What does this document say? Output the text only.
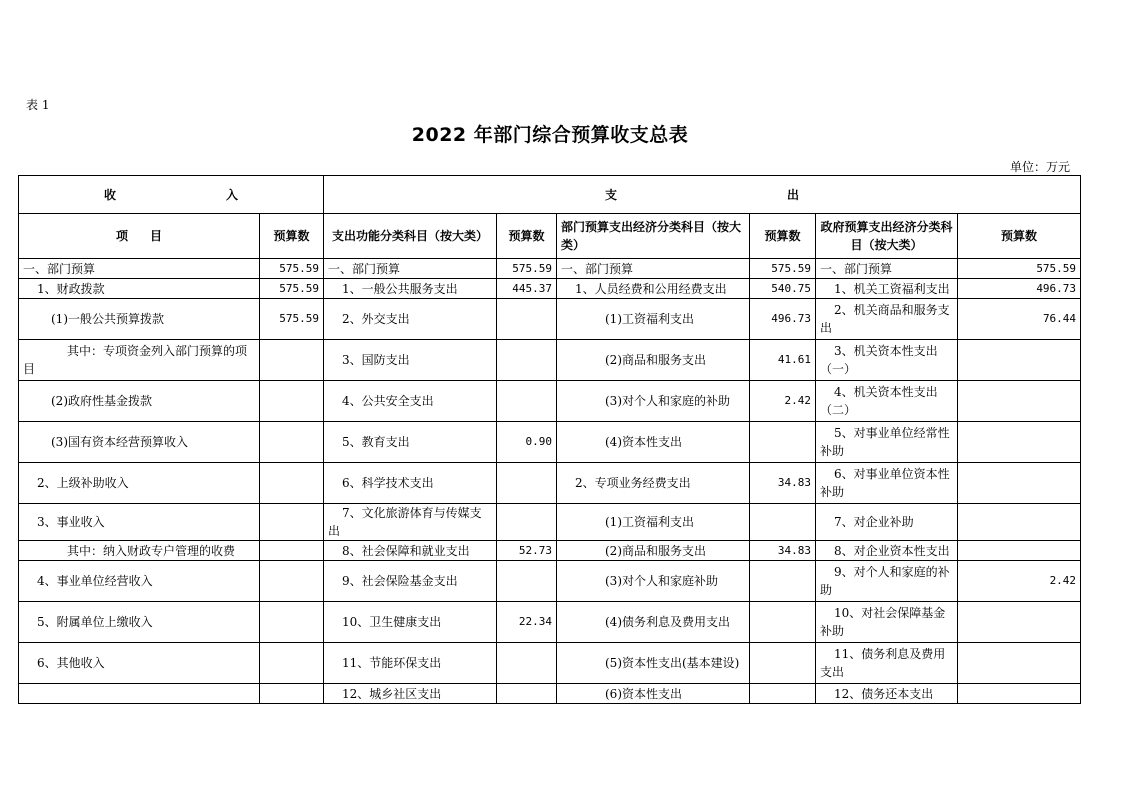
表 1
2022 年部门综合预算收支总表
单位：万元
收 入		支 出					
项 目	预算数	支出功能分类科目（按大类）	预算数	部门预算支出经济分类科目（按大类）	预算数	政府预算支出经济分类科目（按大类）	预算数
一、部门预算	575.59	一、部门预算	575.59	一、部门预算	575.59	一、部门预算	575.59
1、财政拨款	575.59	1、一般公共服务支出	445.37	1、人员经费和公用经费支出	540.75	1、机关工资福利支出	496.73
(1)一般公共预算拨款	575.59	2、外交支出		(1)工资福利支出	496.73	2、机关商品和服务支出	76.44
其中：专项资金列入部门预算的项目		3、国防支出		(2)商品和服务支出	41.61	3、机关资本性支出（一）	
(2)政府性基金拨款		4、公共安全支出		(3)对个人和家庭的补助	2.42	4、机关资本性支出（二）	
(3)国有资本经营预算收入		5、教育支出	0.90	(4)资本性支出		5、对事业单位经常性补助	
2、上级补助收入		6、科学技术支出		2、专项业务经费支出	34.83	6、对事业单位资本性补助	
3、事业收入		7、文化旅游体育与传媒支出		(1)工资福利支出		7、对企业补助	
其中：纳入财政专户管理的收费		8、社会保障和就业支出	52.73	(2)商品和服务支出	34.83	8、对企业资本性支出	
4、事业单位经营收入		9、社会保险基金支出		(3)对个人和家庭补助		9、对个人和家庭的补助	2.42
5、附属单位上缴收入		10、卫生健康支出	22.34	(4)债务利息及费用支出		10、对社会保障基金补助	
6、其他收入		11、节能环保支出		(5)资本性支出(基本建设)		11、债务利息及费用支出	
		12、城乡社区支出		(6)资本性支出		12、债务还本支出	
